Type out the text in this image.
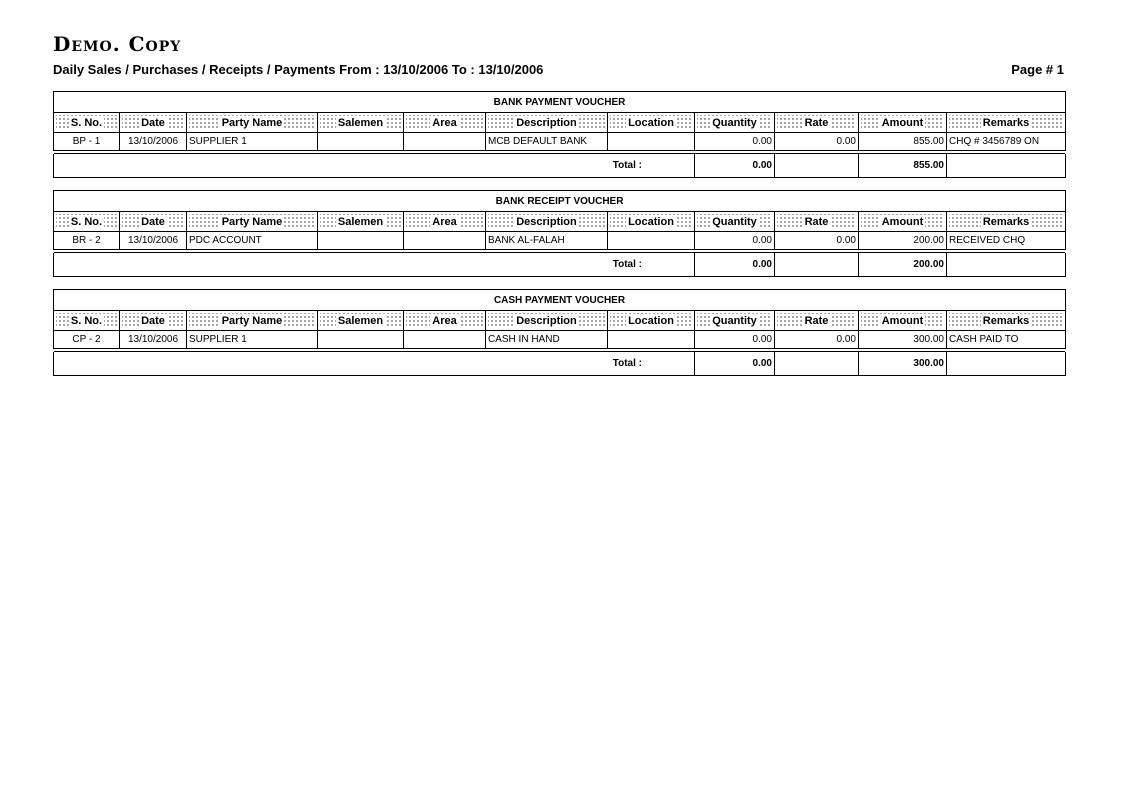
Demo. Copy
Daily Sales / Purchases / Receipts / Payments From : 13/10/2006 To : 13/10/2006	Page # 1
BANK PAYMENT VOUCHER										
S. No.	Date	Party Name	Salemen	Area	Description	Location	Quantity	Rate	Amount	Remarks
BP - 1	13/10/2006	SUPPLIER 1			MCB DEFAULT BANK		0.00	0.00	855.00	CHQ # 3456789 ON

Total :							0.00		855.00	
BANK RECEIPT VOUCHER										
S. No.	Date	Party Name	Salemen	Area	Description	Location	Quantity	Rate	Amount	Remarks
BR - 2	13/10/2006	PDC ACCOUNT			BANK AL-FALAH		0.00	0.00	200.00	RECEIVED CHQ

Total :							0.00		200.00	
CASH PAYMENT VOUCHER										
S. No.	Date	Party Name	Salemen	Area	Description	Location	Quantity	Rate	Amount	Remarks
CP - 2	13/10/2006	SUPPLIER 1			CASH IN HAND		0.00	0.00	300.00	CASH PAID TO

Total :							0.00		300.00	
